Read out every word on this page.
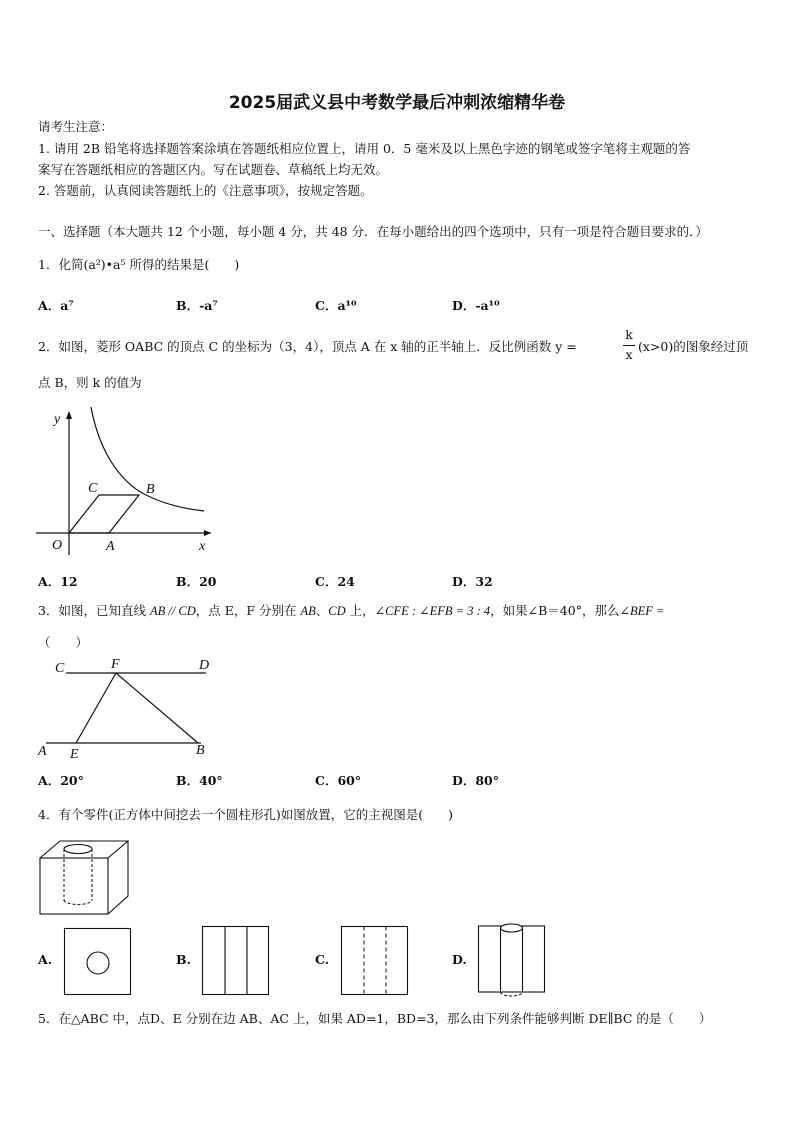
2025届武义县中考数学最后冲刺浓缩精华卷
请考生注意：
1. 请用 2B 铅笔将选择题答案涂填在答题纸相应位置上，请用 0．5 毫米及以上黑色字迹的钢笔或签字笔将主观题的答
案写在答题纸相应的答题区内。写在试题卷、草稿纸上均无效。
2. 答题前，认真阅读答题纸上的《注意事项》，按规定答题。
一、选择题（本大题共 12 个小题，每小题 4 分，共 48 分．在每小题给出的四个选项中，只有一项是符合题目要求的．）
1．化简(a²)•a⁵ 所得的结果是(　　)
A．a⁷	B．-a⁷	C．a¹⁰	D．-a¹⁰
2．如图，菱形 OABC 的顶点 C 的坐标为（3，4），顶点 A 在 x 轴的正半轴上．反比例函数 y =
k
x
(x>0)的图象经过顶
点 B，则 k 的值为
y
x
O	A
B
C
A．12	B．20	C．24	D．32
3．如图，已知直线 AB // CD，点 E，F 分别在 AB、CD 上，∠CFE : ∠EFB = 3 : 4，如果∠B＝40°，那么∠BEF =
（　　）
C	F	D
A E	B
A．20°	B．40°	C．60°	D．80°
4．有个零件(正方体中间挖去一个圆柱形孔)如图放置，它的主视图是(　　)
A.	B.	C.	D.
5．在△ABC 中，点D、E 分别在边 AB、AC 上，如果 AD=1，BD=3，那么由下列条件能够判断 DE∥BC 的是（　　）
